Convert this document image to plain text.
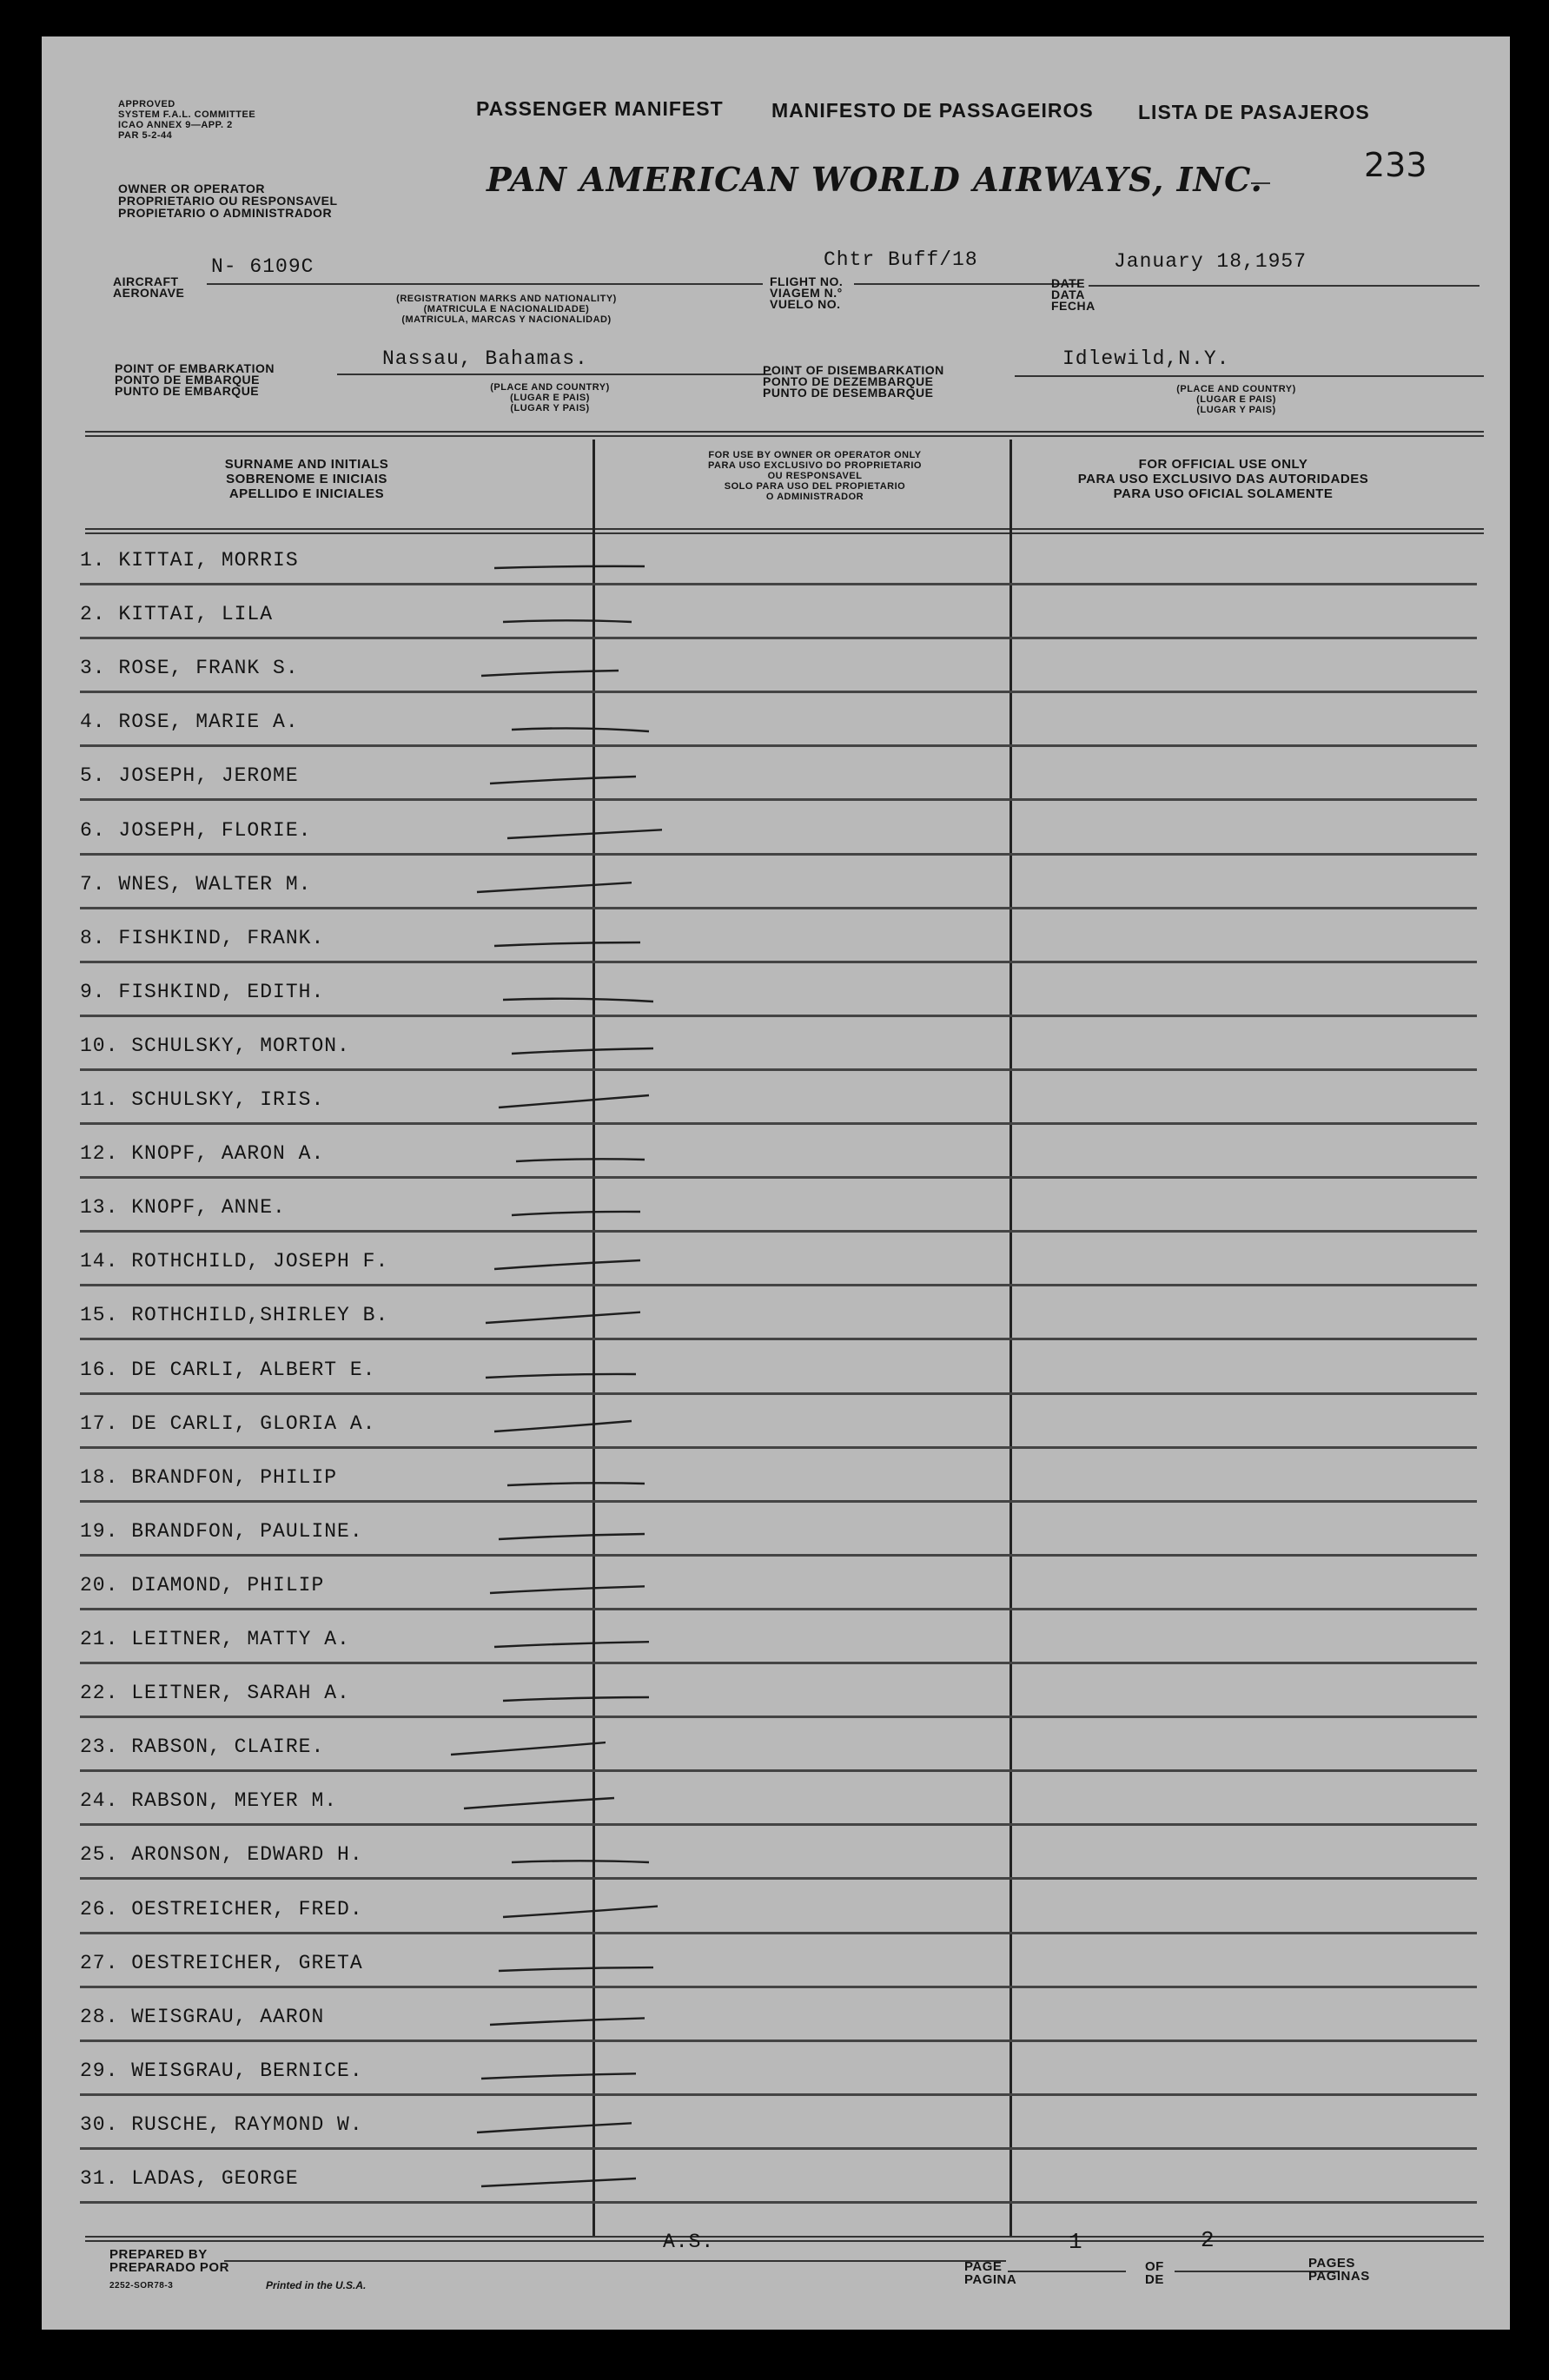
APPROVED
SYSTEM F.A.L. COMMITTEE
ICAO ANNEX 9—APP. 2
PAR 5-2-44
OWNER OR OPERATOR
PROPRIETARIO OU RESPONSAVEL
PROPIETARIO O ADMINISTRADOR
PASSENGER MANIFEST MANIFESTO DE PASSAGEIROS LISTA DE PASAJEROS
PAN AMERICAN WORLD AIRWAYS, INC.	233
AIRCRAFT
AERONAVE
N- 6109C
(REGISTRATION MARKS AND NATIONALITY)
(MATRICULA E NACIONALIDADE)
(MATRICULA, MARCAS Y NACIONALIDAD)
FLIGHT NO.
VIAGEM N.°
VUELO NO.
Chtr Buff/18
DATE
DATA
FECHA
January 18,1957
POINT OF EMBARKATION
PONTO DE EMBARQUE
PUNTO DE EMBARQUE
Nassau, Bahamas.
(PLACE AND COUNTRY)
(LUGAR E PAIS)
(LUGAR Y PAIS)
POINT OF DISEMBARKATION
PONTO DE DEZEMBARQUE
PUNTO DE DESEMBARQUE
Idlewild,N.Y.
(PLACE AND COUNTRY)
(LUGAR E PAIS)
(LUGAR Y PAIS)
SURNAME AND INITIALS
SOBRENOME E INICIAIS
APELLIDO E INICIALES
FOR USE BY OWNER OR OPERATOR ONLY
PARA USO EXCLUSIVO DO PROPRIETARIO
OU RESPONSAVEL
SOLO PARA USO DEL PROPIETARIO
O ADMINISTRADOR
FOR OFFICIAL USE ONLY
PARA USO EXCLUSIVO DAS AUTORIDADES
PARA USO OFICIAL SOLAMENTE
1. KITTAI, MORRIS
2. KITTAI, LILA
3. ROSE, FRANK S.
4. ROSE, MARIE A.
5. JOSEPH, JEROME
6. JOSEPH, FLORIE.
7. WNES, WALTER M.
8. FISHKIND, FRANK.
9. FISHKIND, EDITH.
10. SCHULSKY, MORTON.
11. SCHULSKY, IRIS.
12. KNOPF, AARON A.
13. KNOPF, ANNE.
14. ROTHCHILD, JOSEPH F.
15. ROTHCHILD,SHIRLEY B.
16. DE CARLI, ALBERT E.
17. DE CARLI, GLORIA A.
18. BRANDFON, PHILIP
19. BRANDFON, PAULINE.
20. DIAMOND, PHILIP
21. LEITNER, MATTY A.
22. LEITNER, SARAH A.
23. RABSON, CLAIRE.
24. RABSON, MEYER M.
25. ARONSON, EDWARD H.
26. OESTREICHER, FRED.
27. OESTREICHER, GRETA
28. WEISGRAU, AARON
29. WEISGRAU, BERNICE.
30. RUSCHE, RAYMOND W.
31. LADAS, GEORGE
PREPARED BY
PREPARADO POR
A.S.
2252-SOR78-3	Printed in the U.S.A.
PAGE
PAGINA
1
OF
DE
2
PAGES
PAGINAS
